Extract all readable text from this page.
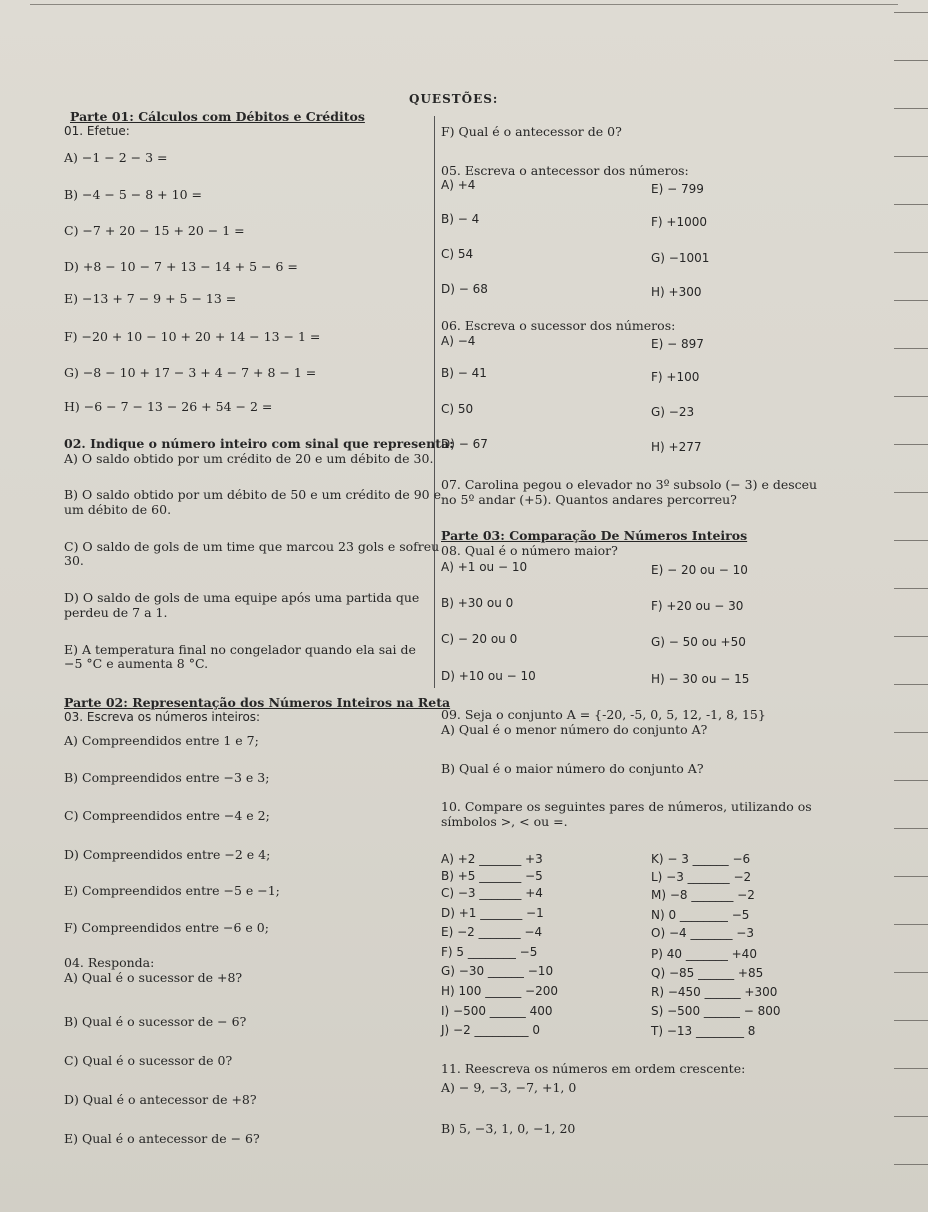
QUESTÕES:
Parte 01: Cálculos com Débitos e Créditos
01. Efetue:
A) −1 − 2 − 3 =
B) −4 − 5 − 8 + 10 =
C) −7 + 20 − 15 + 20 − 1 =
D) +8 − 10 − 7 + 13 − 14 + 5 − 6 =
E) −13 + 7 − 9 + 5 − 13 =
F) −20 + 10 − 10 + 20 + 14 − 13 − 1 =
G) −8 − 10 + 17 − 3 + 4 − 7 + 8 − 1 =
H) −6 − 7 − 13 − 26 + 54 − 2 =
02. Indique o número inteiro com sinal que representa:
A) O saldo obtido por um crédito de 20 e um débito de 30.
B) O saldo obtido por um débito de 50 e um crédito de 90 e
um débito de 60.
C) O saldo de gols de um time que marcou 23 gols e sofreu
30.
D) O saldo de gols de uma equipe após uma partida que
perdeu de 7 a 1.
E) A temperatura final no congelador quando ela sai de
−5 °C e aumenta 8 °C.
Parte 02: Representação dos Números Inteiros na Reta
03. Escreva os números inteiros:
A) Compreendidos entre 1 e 7;
B) Compreendidos entre −3 e 3;
C) Compreendidos entre −4 e 2;
D) Compreendidos entre −2 e 4;
E) Compreendidos entre −5 e −1;
F) Compreendidos entre −6 e 0;
04. Responda:
A) Qual é o sucessor de +8?
B) Qual é o sucessor de − 6?
C) Qual é o sucessor de 0?
D) Qual é o antecessor de +8?
E) Qual é o antecessor de − 6?
F) Qual é o antecessor de 0?
05. Escreva o antecessor dos números:
A) +4	E) − 799
B) − 4	F) +1000
C) 54	G) −1001
D) − 68	H) +300
06. Escreva o sucessor dos números:
A) −4	E) − 897
B) − 41	F) +100
C) 50	G) −23
D) − 67	H) +277
07. Carolina pegou o elevador no 3º subsolo (− 3) e desceu
no 5º andar (+5). Quantos andares percorreu?
Parte 03: Comparação De Números Inteiros
08. Qual é o número maior?
A) +1 ou − 10	E) − 20 ou − 10
B) +30 ou 0	F) +20 ou − 30
C) − 20 ou 0	G) − 50 ou +50
D) +10 ou − 10	H) − 30 ou − 15
09. Seja o conjunto A = {-20, -5, 0, 5, 12, -1, 8, 15}
A) Qual é o menor número do conjunto A?
B) Qual é o maior número do conjunto A?
10. Compare os seguintes pares de números, utilizando os
símbolos >, < ou =.
A) +2 _______ +3	K) − 3 ______ −6
B) +5 _______ −5	L) −3 _______ −2
C) −3 _______ +4	M) −8 _______ −2
D) +1 _______ −1	N) 0 ________ −5
E) −2 _______ −4	O) −4 _______ −3
F) 5 ________ −5	P) 40 _______ +40
G) −30 ______ −10	Q) −85 ______ +85
H) 100 ______ −200	R) −450 ______ +300
I) −500 ______ 400	S) −500 ______ − 800
J) −2 _________ 0	T) −13 ________ 8
11. Reescreva os números em ordem crescente:
A) − 9, −3, −7, +1, 0
B) 5, −3, 1, 0, −1, 20
